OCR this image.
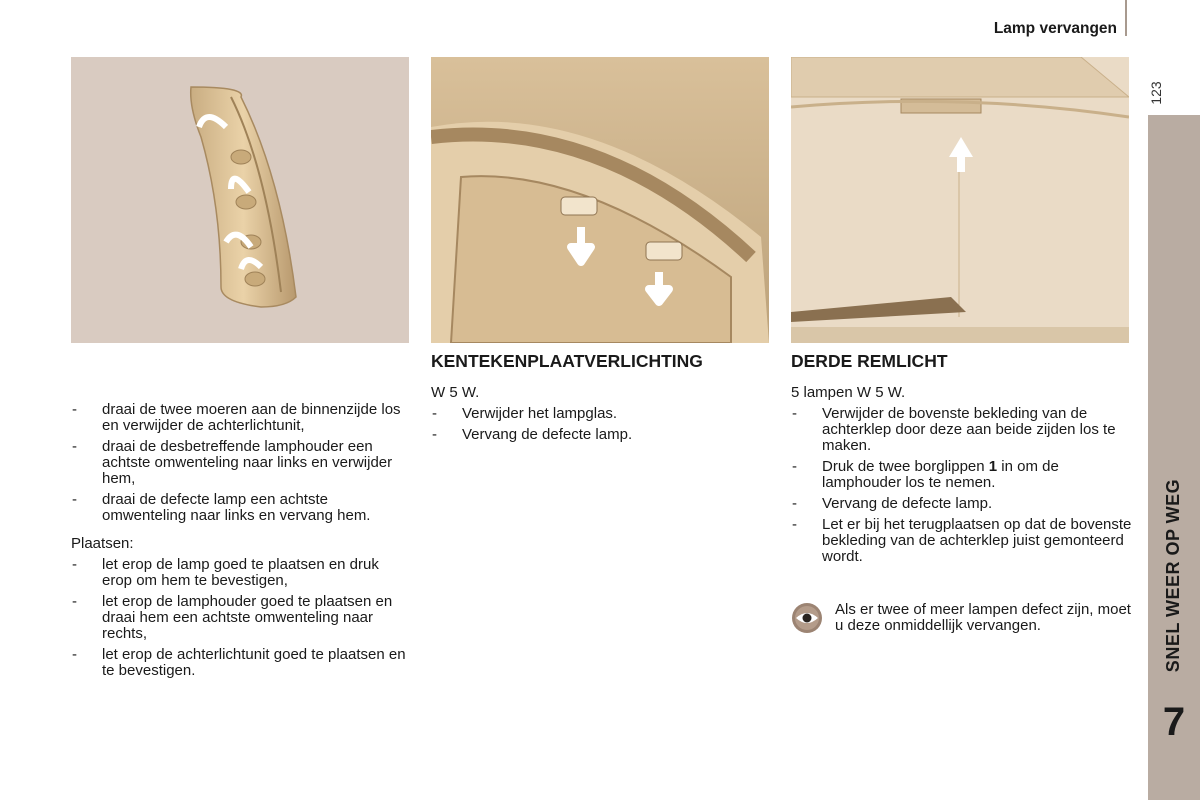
Lamp vervangen
123
SNEL WEER OP WEG
7
- draai de twee moeren aan de binnenzijde los en verwijder de achterlichtunit,
- draai de desbetreffende lamphouder een achtste omwenteling naar links en verwijder hem,
- draai de defecte lamp een achtste omwenteling naar links en vervang hem.
Plaatsen:
- let erop de lamp goed te plaatsen en druk erop om hem te bevestigen,
- let erop de lamphouder goed te plaatsen en draai hem een achtste omwenteling naar rechts,
- let erop de achterlichtunit goed te plaatsen en te bevestigen.
KENTEKENPLAATVERLICHTING
W 5 W.
- Verwijder het lampglas.
- Vervang de defecte lamp.
DERDE REMLICHT
5 lampen W 5 W.
- Verwijder de bovenste bekleding van de achterklep door deze aan beide zijden los te maken.
- Druk de twee borglippen 1 in om de lamphouder los te nemen.
- Vervang de defecte lamp.
- Let er bij het terugplaatsen op dat de bovenste bekleding van de achterklep juist gemonteerd wordt.
Als er twee of meer lampen defect zijn, moet u deze onmiddellijk vervangen.
